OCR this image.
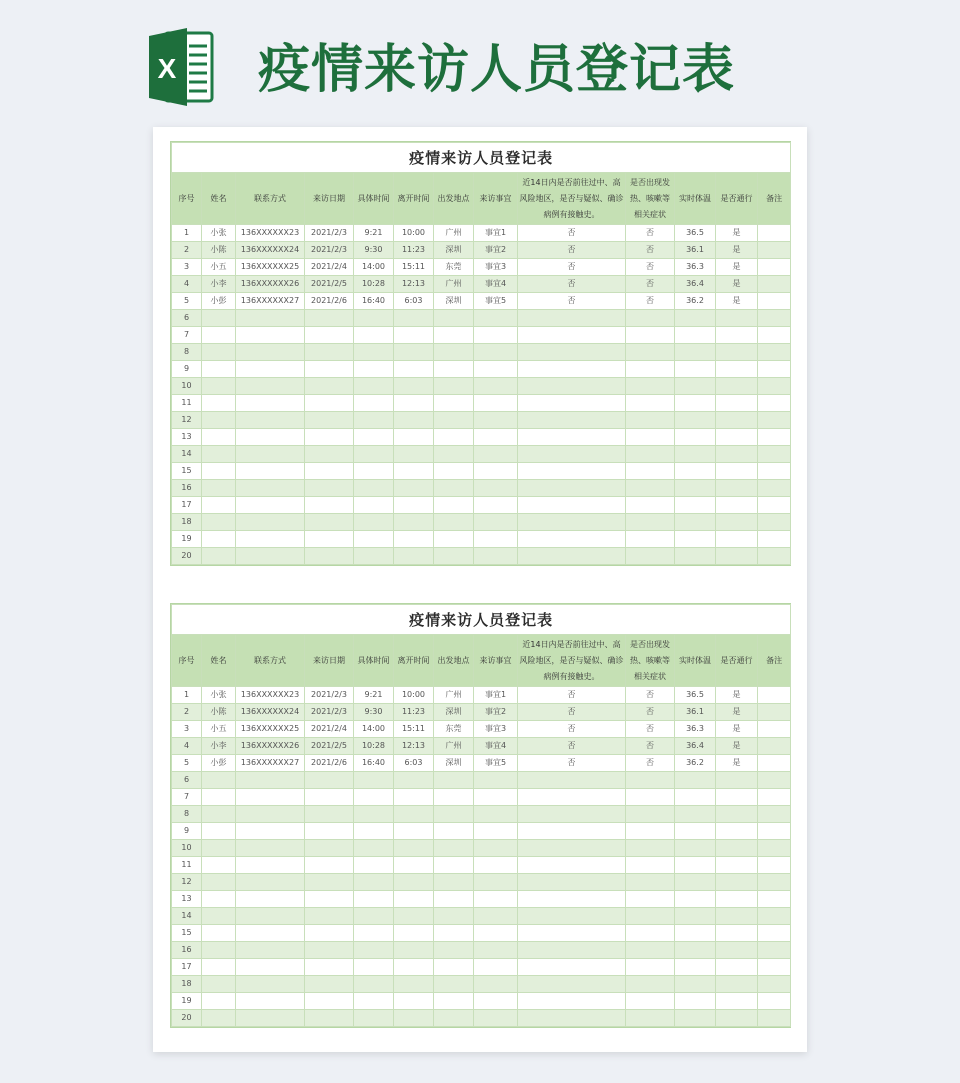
X 疫情来访人员登记表
疫情来访人员登记表												
序号	姓名	联系方式	来访日期	具体时间	离开时间	出发地点	来访事宜	近14日内是否前往过中、高风险地区，是否与疑似、确诊病例有接触史。	是否出现发热、咳嗽等相关症状	实时体温	是否通行	备注
1	小张	136XXXXXX23	2021/2/3	9:21	10:00	广州	事宜1	否	否	36.5	是	
2	小陈	136XXXXXX24	2021/2/3	9:30	11:23	深圳	事宜2	否	否	36.1	是	
3	小五	136XXXXXX25	2021/2/4	14:00	15:11	东莞	事宜3	否	否	36.3	是	
4	小李	136XXXXXX26	2021/2/5	10:28	12:13	广州	事宜4	否	否	36.4	是	
5	小彭	136XXXXXX27	2021/2/6	16:40	6:03	深圳	事宜5	否	否	36.2	是	
6												
7												
8												
9												
10												
11												
12												
13												
14												
15												
16												
17												
18												
19												
20												
疫情来访人员登记表												
序号	姓名	联系方式	来访日期	具体时间	离开时间	出发地点	来访事宜	近14日内是否前往过中、高风险地区，是否与疑似、确诊病例有接触史。	是否出现发热、咳嗽等相关症状	实时体温	是否通行	备注
1	小张	136XXXXXX23	2021/2/3	9:21	10:00	广州	事宜1	否	否	36.5	是	
2	小陈	136XXXXXX24	2021/2/3	9:30	11:23	深圳	事宜2	否	否	36.1	是	
3	小五	136XXXXXX25	2021/2/4	14:00	15:11	东莞	事宜3	否	否	36.3	是	
4	小李	136XXXXXX26	2021/2/5	10:28	12:13	广州	事宜4	否	否	36.4	是	
5	小彭	136XXXXXX27	2021/2/6	16:40	6:03	深圳	事宜5	否	否	36.2	是	
6												
7												
8												
9												
10												
11												
12												
13												
14												
15												
16												
17												
18												
19												
20												
